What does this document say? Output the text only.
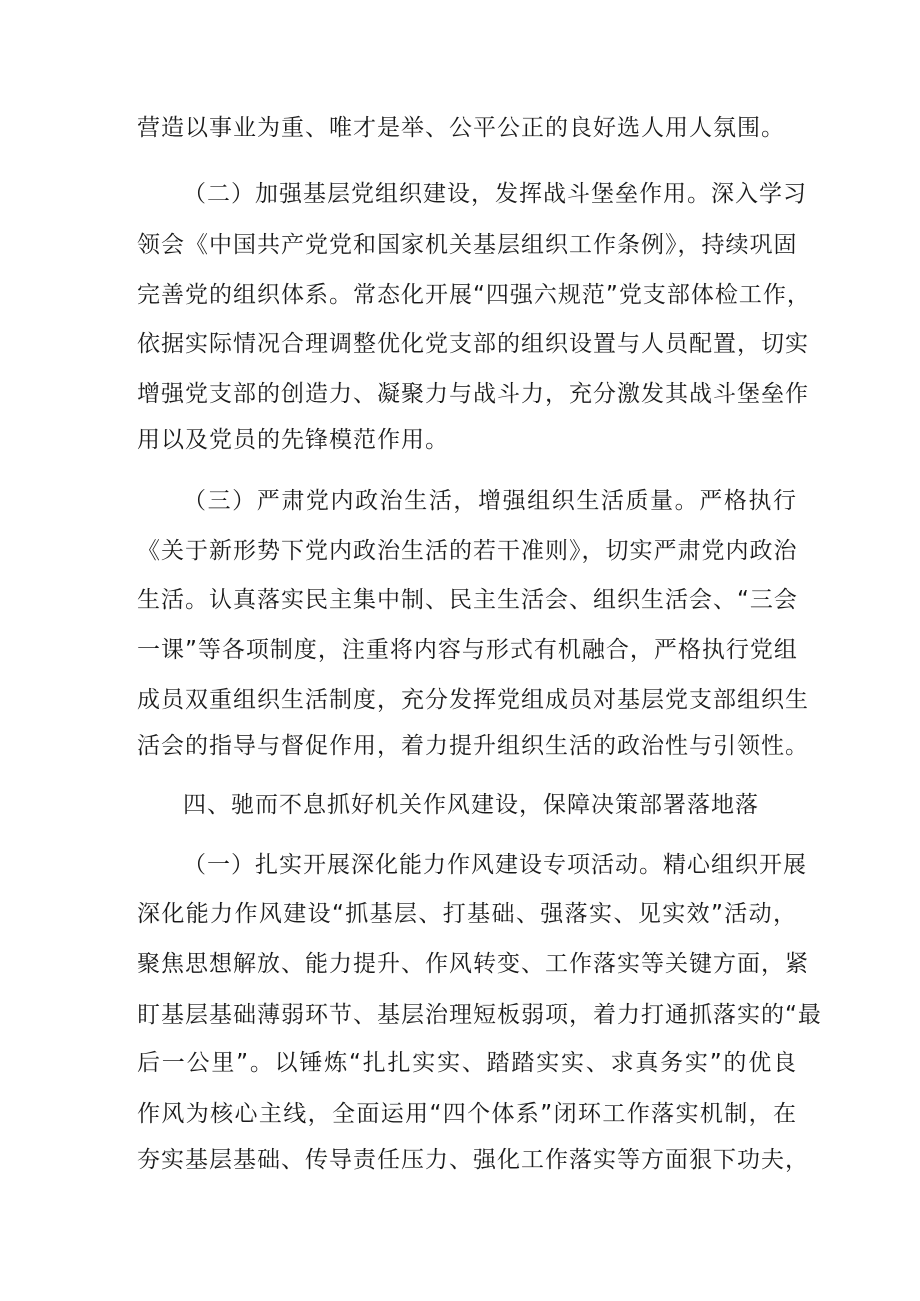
营造以事业为重、唯才是举、公平公正的良好选人用人氛围。
（二）加强基层党组织建设，发挥战斗堡垒作用。深入学习
领会《中国共产党党和国家机关基层组织工作条例》，持续巩固
完善党的组织体系。常态化开展“四强六规范”党支部体检工作，
依据实际情况合理调整优化党支部的组织设置与人员配置，切实
增强党支部的创造力、凝聚力与战斗力，充分激发其战斗堡垒作
用以及党员的先锋模范作用。
（三）严肃党内政治生活，增强组织生活质量。严格执行
《关于新形势下党内政治生活的若干准则》，切实严肃党内政治
生活。认真落实民主集中制、民主生活会、组织生活会、“三会
一课”等各项制度，注重将内容与形式有机融合，严格执行党组
成员双重组织生活制度，充分发挥党组成员对基层党支部组织生
活会的指导与督促作用，着力提升组织生活的政治性与引领性。
四、驰而不息抓好机关作风建设，保障决策部署落地落
（一）扎实开展深化能力作风建设专项活动。精心组织开展
深化能力作风建设“抓基层、打基础、强落实、见实效”活动，
聚焦思想解放、能力提升、作风转变、工作落实等关键方面，紧
盯基层基础薄弱环节、基层治理短板弱项，着力打通抓落实的“最
后一公里”。以锤炼“扎扎实实、踏踏实实、求真务实”的优良
作风为核心主线，全面运用“四个体系”闭环工作落实机制，在
夯实基层基础、传导责任压力、强化工作落实等方面狠下功夫，
